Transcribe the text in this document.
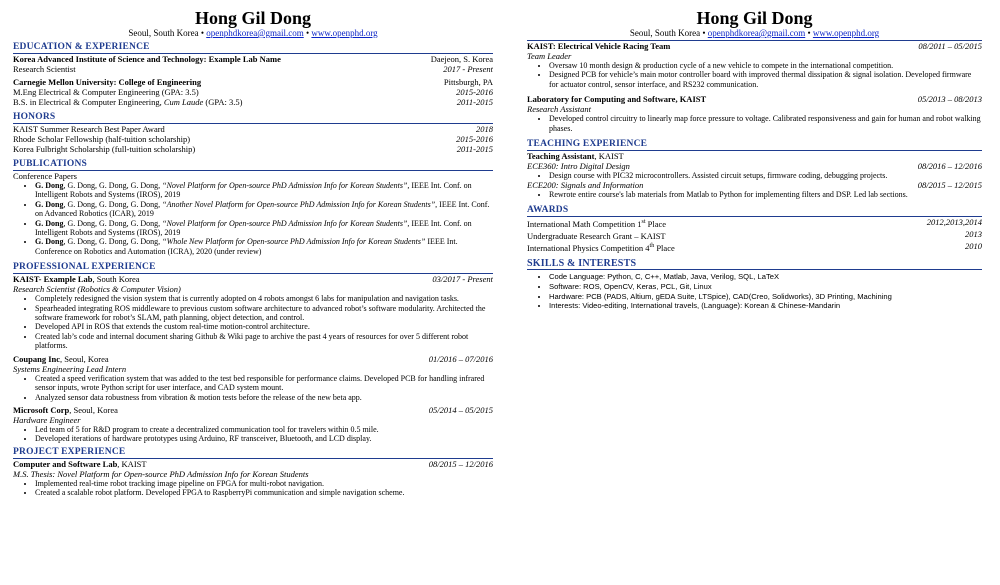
Hong Gil Dong
Seoul, South Korea • openphdkorea@gmail.com • www.openphd.org
EDUCATION & EXPERIENCE
Korea Advanced Institute of Science and Technology: Example Lab Name	Daejeon, S. Korea
Research Scientist	2017 - Present
Carnegie Mellon University: College of Engineering	Pittsburgh, PA
M.Eng Electrical & Computer Engineering (GPA: 3.5)	2015-2016
B.S. in Electrical & Computer Engineering, Cum Laude (GPA: 3.5)	2011-2015
HONORS
KAIST Summer Research Best Paper Award	2018
Rhode Scholar Fellowship (half-tuition scholarship)	2015-2016
Korea Fulbright Scholarship (full-tuition scholarship)	2011-2015
PUBLICATIONS
Conference Papers
• G. Dong, G. Dong, G. Dong, G. Dong, “Novel Platform for Open-source PhD Admission Info for Korean Students”, IEEE Int. Conf. on Intelligent Robots and Systems (IROS), 2019
• G. Dong, G. Dong, G. Dong, G. Dong, “Another Novel Platform for Open-source PhD Admission Info for Korean Students”, IEEE Int. Conf. on Advanced Robotics (ICAR), 2019
• G. Dong, G. Dong, G. Dong, G. Dong, “Novel Platform for Open-source PhD Admission Info for Korean Students”, IEEE Int. Conf. on Intelligent Robots and Systems (IROS), 2019
• G. Dong, G. Dong, G. Dong, G. Dong, “Whole New Platform for Open-source PhD Admission Info for Korean Students” IEEE Int. Conference on Robotics and Automation (ICRA), 2020 (under review)
PROFESSIONAL EXPERIENCE
KAIST- Example Lab, South Korea	03/2017 - Present
Research Scientist (Robotics & Computer Vision)
• Completely redesigned the vision system that is currently adopted on 4 robots amongst 6 labs for manipulation and navigation tasks.
• Spearheaded integrating ROS middleware to previous custom software architecture to advanced robot’s software modularity. Architected the software framework for robot’s SLAM, path planning, object detection, and control.
• Developed API in ROS that extends the custom real-time motion-control architecture.
• Created lab’s code and internal document sharing Github & Wiki page to archive the past 4 years of resources for over 5 different robot platforms.
Coupang Inc, Seoul, Korea	01/2016 – 07/2016
Systems Engineering Lead Intern
• Created a speed verification system that was added to the test bed responsible for performance claims. Developed PCB for handling infrared sensor inputs, wrote Python script for user interface, and CAD system mount.
• Analyzed sensor data robustness from vibration & motion tests before the release of the new beta app.
Microsoft Corp, Seoul, Korea	05/2014 – 05/2015
Hardware Engineer
• Led team of 5 for R&D program to create a decentralized communication tool for travelers within 0.5 mile.
• Developed iterations of hardware prototypes using Arduino, RF transceiver, Bluetooth, and LCD display.
PROJECT EXPERIENCE
Computer and Software Lab, KAIST	08/2015 – 12/2016
M.S. Thesis: Novel Platform for Open-source PhD Admission Info for Korean Students
• Implemented real-time robot tracking image pipeline on FPGA for multi-robot navigation.
• Created a scalable robot platform. Developed FPGA to RaspberryPi communication and simple navigation scheme.
Hong Gil Dong
Seoul, South Korea • openphdkorea@gmail.com • www.openphd.org
KAIST: Electrical Vehicle Racing Team	08/2011 – 05/2015
Team Leader
• Oversaw 10 month design & production cycle of a new vehicle to compete in the international competition.
• Designed PCB for vehicle’s main motor controller board with improved thermal dissipation & signal isolation. Developed firmware for actuator control, sensor interface, and RS232 communication.
Laboratory for Computing and Software, KAIST	05/2013 – 08/2013
Research Assistant
• Developed control circuitry to linearly map force pressure to voltage. Calibrated responsiveness and gain for human and robot walking phases.
TEACHING EXPERIENCE
Teaching Assistant, KAIST
ECE360: Intro Digital Design	08/2016 – 12/2016
• Design course with PIC32 microcontrollers. Assisted circuit setups, firmware coding, debugging projects.
ECE200: Signals and Information	08/2015 – 12/2015
• Rewrote entire course's lab materials from Matlab to Python for implementing filters and DSP. Led lab sections.
AWARDS
International Math Competition 1st Place	2012,2013,2014
Undergraduate Research Grant – KAIST	2013
International Physics Competition 4th Place	2010
SKILLS & INTERESTS
• Code Language: Python, C, C++, Matlab, Java, Verilog, SQL, LaTeX
• Software: ROS, OpenCV, Keras, PCL, Git, Linux
• Hardware: PCB (PADS, Altium, gEDA Suite, LTSpice), CAD(Creo, Solidworks), 3D Printing, Machining
• Interests: Video-editing, International travels, (Language): Korean & Chinese-Mandarin
